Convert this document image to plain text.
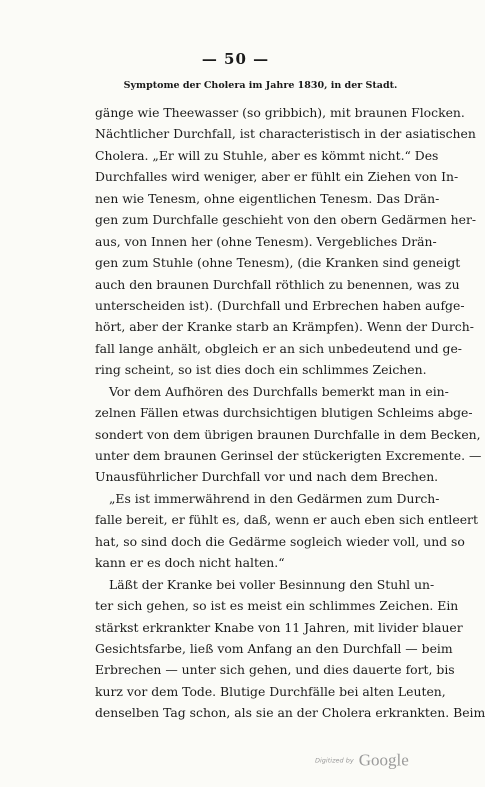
— 50 —
Symptome der Cholera im Jahre 1830, in der Stadt.
gänge wie Theewasser (so gribbich), mit braunen Flocken.
Nächtlicher Durchfall, ist characteristisch in der asiatischen
Cholera. „Er will zu Stuhle, aber es kömmt nicht.“ Des
Durchfalles wird weniger, aber er fühlt ein Ziehen von In-
nen wie Tenesm, ohne eigentlichen Tenesm. Das Drän-
gen zum Durchfalle geschieht von den obern Gedärmen her-
aus, von Innen her (ohne Tenesm). Vergebliches Drän-
gen zum Stuhle (ohne Tenesm), (die Kranken sind geneigt
auch den braunen Durchfall röthlich zu benennen, was zu
unterscheiden ist). (Durchfall und Erbrechen haben aufge-
hört, aber der Kranke starb an Krämpfen). Wenn der Durch-
fall lange anhält, obgleich er an sich unbedeutend und ge-
ring scheint, so ist dies doch ein schlimmes Zeichen.
Vor dem Aufhören des Durchfalls bemerkt man in ein-
zelnen Fällen etwas durchsichtigen blutigen Schleims abge-
sondert von dem übrigen braunen Durchfalle in dem Becken,
unter dem braunen Gerinsel der stückerigten Excremente. —
Unausführlicher Durchfall vor und nach dem Brechen.
„Es ist immerwährend in den Gedärmen zum Durch-
falle bereit, er fühlt es, daß, wenn er auch eben sich entleert
hat, so sind doch die Gedärme sogleich wieder voll, und so
kann er es doch nicht halten.“
Läßt der Kranke bei voller Besinnung den Stuhl un-
ter sich gehen, so ist es meist ein schlimmes Zeichen. Ein
stärkst erkrankter Knabe von 11 Jahren, mit livider blauer
Gesichtsfarbe, ließ vom Anfang an den Durchfall — beim
Erbrechen — unter sich gehen, und dies dauerte fort, bis
kurz vor dem Tode. Blutige Durchfälle bei alten Leuten,
denselben Tag schon, als sie an der Cholera erkrankten. Beim
Digitized by Google
